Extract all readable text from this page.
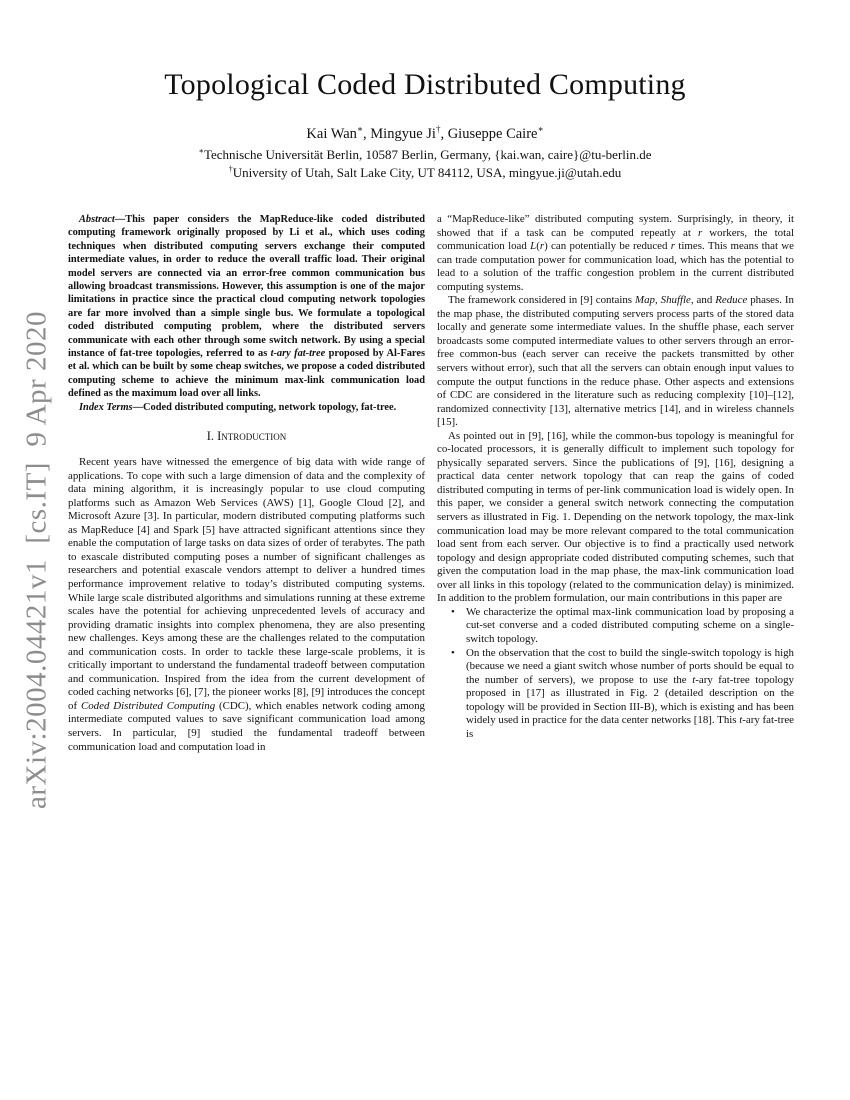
arXiv:2004.04421v1  [cs.IT]  9 Apr 2020
Topological Coded Distributed Computing
Kai Wan∗, Mingyue Ji†, Giuseppe Caire∗
∗Technische Universität Berlin, 10587 Berlin, Germany, {kai.wan, caire}@tu-berlin.de
†University of Utah, Salt Lake City, UT 84112, USA, mingyue.ji@utah.edu

Abstract—This paper considers the MapReduce-like coded distributed computing framework originally proposed by Li et al., which uses coding techniques when distributed computing servers exchange their computed intermediate values, in order to reduce the overall traffic load. Their original model servers are connected via an error-free common communication bus allowing broadcast transmissions. However, this assumption is one of the major limitations in practice since the practical cloud computing network topologies are far more involved than a simple single bus. We formulate a topological coded distributed computing problem, where the distributed servers communicate with each other through some switch network. By using a special instance of fat-tree topologies, referred to as t-ary fat-tree proposed by Al-Fares et al. which can be built by some cheap switches, we propose a coded distributed computing scheme to achieve the minimum max-link communication load defined as the maximum load over all links.

Index Terms—Coded distributed computing, network topology, fat-tree.

I. Introduction

Recent years have witnessed the emergence of big data with wide range of applications. To cope with such a large dimension of data and the complexity of data mining algorithm, it is increasingly popular to use cloud computing platforms such as Amazon Web Services (AWS) [1], Google Cloud [2], and Microsoft Azure [3]. In particular, modern distributed computing platforms such as MapReduce [4] and Spark [5] have attracted significant attentions since they enable the computation of large tasks on data sizes of order of terabytes. The path to exascale distributed computing poses a number of significant challenges as researchers and potential exascale vendors attempt to deliver a hundred times performance improvement relative to today’s distributed computing systems. While large scale distributed algorithms and simulations running at these extreme scales have the potential for achieving unprecedented levels of accuracy and providing dramatic insights into complex phenomena, they are also presenting new challenges. Keys among these are the challenges related to the computation and communication costs. In order to tackle these large-scale problems, it is critically important to understand the fundamental tradeoff between computation and communication. Inspired from the idea from the current development of coded caching networks [6], [7], the pioneer works [8], [9] introduces the concept of Coded Distributed Computing (CDC), which enables network coding among intermediate computed values to save significant communication load among servers. In particular, [9] studied the fundamental tradeoff between communication load and computation load in

a “MapReduce-like” distributed computing system. Surprisingly, in theory, it showed that if a task can be computed repeatly at r workers, the total communication load L(r) can potentially be reduced r times. This means that we can trade computation power for communication load, which has the potential to lead to a solution of the traffic congestion problem in the current distributed computing systems.

The framework considered in [9] contains Map, Shuffle, and Reduce phases. In the map phase, the distributed computing servers process parts of the stored data locally and generate some intermediate values. In the shuffle phase, each server broadcasts some computed intermediate values to other servers through an error-free common-bus (each server can receive the packets transmitted by other servers without error), such that all the servers can obtain enough input values to compute the output functions in the reduce phase. Other aspects and extensions of CDC are considered in the literature such as reducing complexity [10]–[12], randomized connectivity [13], alternative metrics [14], and in wireless channels [15].

As pointed out in [9], [16], while the common-bus topology is meaningful for co-located processors, it is generally difficult to implement such topology for physically separated servers. Since the publications of [9], [16], designing a practical data center network topology that can reap the gains of coded distributed computing in terms of per-link communication load is widely open. In this paper, we consider a general switch network connecting the computation servers as illustrated in Fig. 1. Depending on the network topology, the max-link communication load may be more relevant compared to the total communication load sent from each server. Our objective is to find a practically used network topology and design appropriate coded distributed computing schemes, such that given the computation load in the map phase, the max-link communication load over all links in this topology (related to the communication delay) is minimized. In addition to the problem formulation, our main contributions in this paper are

• We characterize the optimal max-link communication load by proposing a cut-set converse and a coded distributed computing scheme on a single-switch topology.
• On the observation that the cost to build the single-switch topology is high (because we need a giant switch whose number of ports should be equal to the number of servers), we propose to use the t-ary fat-tree topology proposed in [17] as illustrated in Fig. 2 (detailed description on the topology will be provided in Section III-B), which is existing and has been widely used in practice for the data center networks [18]. This t-ary fat-tree is
